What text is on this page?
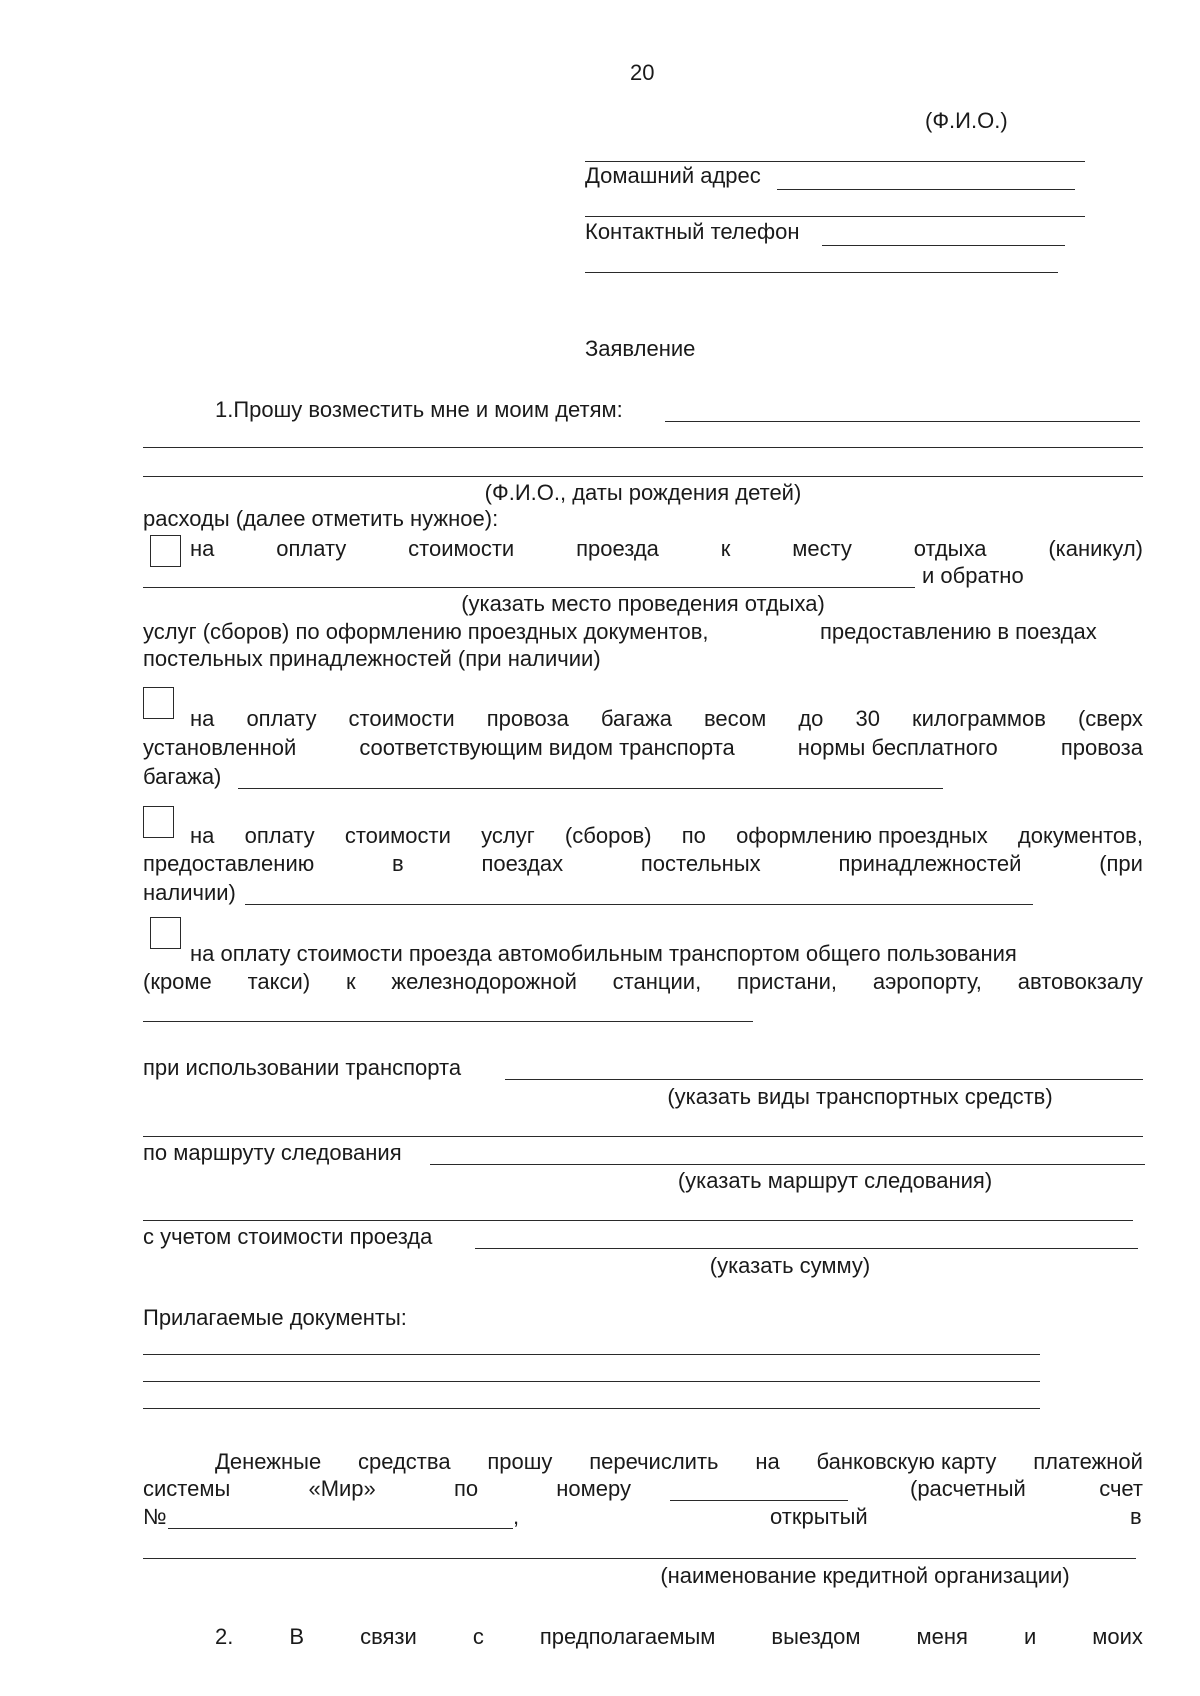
20
(Ф.И.О.)
Домашний адрес
Контактный телефон
Заявление
1.Прошу возместить мне и моим детям:
(Ф.И.О., даты рождения детей)
расходы (далее отметить нужное):
на	оплату	стоимости	проезда	к	месту	отдыха	(каникул)
и обратно
(указать место проведения отдыха)
услуг (сборов) по оформлению проездных документов,	предоставлению в поездах
постельных принадлежностей (при наличии)
на оплату стоимости провоза багажа весом до 30 килограммов (сверх
установленной	соответствующим видом транспорта	нормы бесплатного	провоза
багажа)
на оплату стоимости услуг (сборов) по оформлению проездных документов,
предоставлению	в	поездах	постельных	принадлежностей	(при
наличии)
на оплату стоимости проезда автомобильным транспортом общего пользования
(кроме такси) к железнодорожной станции, пристани, аэропорту, автовокзалу
при использовании транспорта
(указать виды транспортных средств)
по маршруту следования
(указать маршрут следования)
с учетом стоимости проезда
(указать сумму)
Прилагаемые документы:
Денежные средства прошу перечислить на банковскую карту платежной
системы	«Мир»	по	номеру	(расчетный	счет
№	,	открытый	в
(наименование кредитной организации)
2.	В	связи	с	предполагаемым	выездом	меня	и	моих
